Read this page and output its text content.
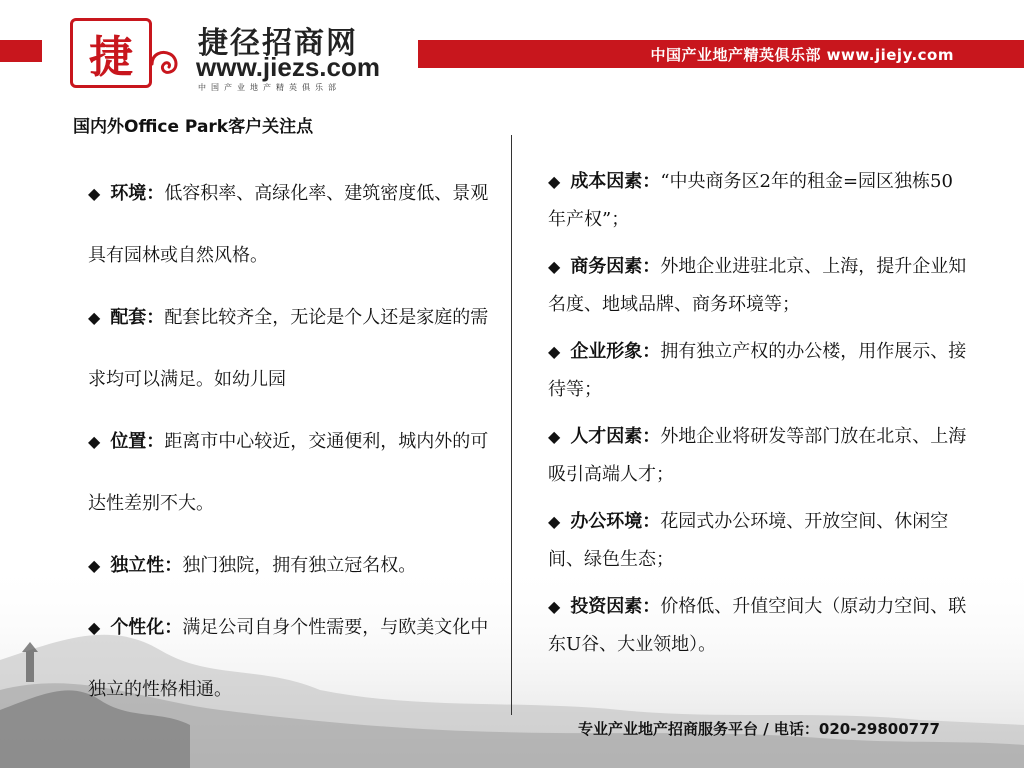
中国产业地产精英俱乐部 www.jiejy.com
捷 捷径招商网
www.jiezs.com
中国产业地产精英俱乐部
国内外Office Park客户关注点
◆ 环境：低容积率、高绿化率、建筑密度低、景观具有园林或自然风格。
◆ 配套：配套比较齐全，无论是个人还是家庭的需求均可以满足。如幼儿园
◆ 位置：距离市中心较近，交通便利，城内外的可达性差别不大。
◆ 独立性：独门独院，拥有独立冠名权。
◆ 个性化：满足公司自身个性需要，与欧美文化中独立的性格相通。
◆ 成本因素：“中央商务区2年的租金=园区独栋50年产权”；
◆ 商务因素：外地企业进驻北京、上海，提升企业知名度、地域品牌、商务环境等；
◆ 企业形象：拥有独立产权的办公楼，用作展示、接待等；
◆ 人才因素：外地企业将研发等部门放在北京、上海吸引高端人才；
◆ 办公环境：花园式办公环境、开放空间、休闲空间、绿色生态；
◆ 投资因素：价格低、升值空间大（原动力空间、联东U谷、大业领地）。
专业产业地产招商服务平台 / 电话：020-29800777
